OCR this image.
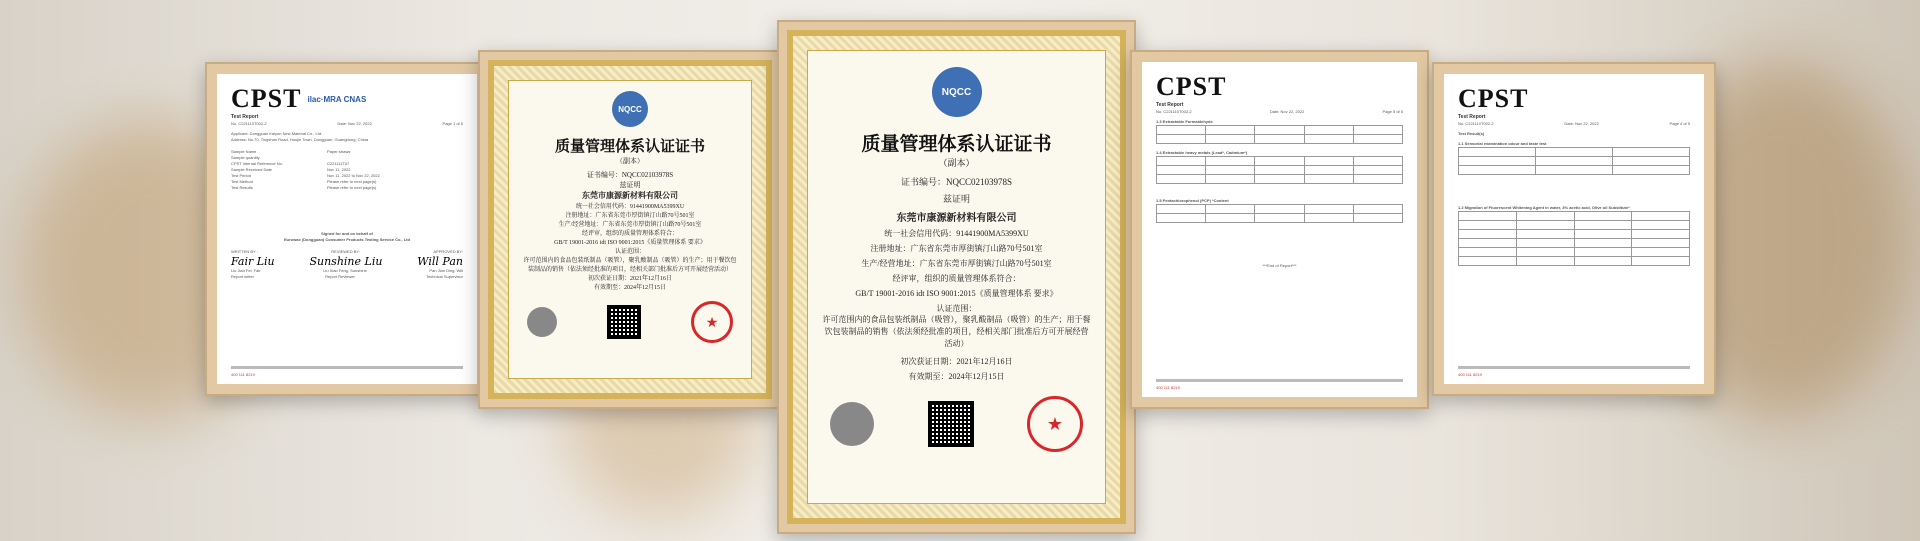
CPST ilac·MRA CNAS
Test Report
No. C221110T002-2	Date: Nov 22, 2022	Page 1 of 5
Applicant: Dongguan Kaiyun New Material Co., Ltd.
Address: No.70, Tingshan Road, Houjie Town, Dongguan, Guangdong, China
Sample Name	Paper straws
Sample quantity
CPST Internal Reference No.	C221111T07
Sample Received Date	Nov 11, 2022
Test Period	Nov 11, 2022 to Nov 22, 2022
Test Method	Please refer to next page(s)
Test Results	Please refer to next page(s)
Signed for and on behalf of
Eurowax (Dongguan) Consumer Products Testing Service Co., Ltd
WRITTEN BY :	REVIEWED BY:	APPROVED BY:
Fair Liu	Sunshine Liu	Will Pan
Liu Jian Fei, Fair	Liu Xiao Feng, Sunshine	Pan Jian Ding, Will
Report writer	Report Reviewer	Technical Supervisor
400 111 8219
NQCC
质量管理体系认证证书
（副本）
证书编号：NQCC02103978S
兹证明
东莞市康源新材料有限公司
统一社会信用代码：91441900MA5399XU
注册地址：广东省东莞市厚街镇汀山路70号501室
生产/经营地址：广东省东莞市厚街镇汀山路70号501室
经评审，组织的质量管理体系符合：
GB/T 19001-2016 idt ISO 9001:2015《质量管理体系 要求》
认证范围：
许可范围内的食品包装纸制品（吸管），聚乳酸制品（吸管）的生产；用于餐饮包装制品的销售（依法须经批准的项目，经相关部门批准后方可开展经营活动）
初次获证日期：2021年12月16日
有效期至：2024年12月15日
★
NQCC
质量管理体系认证证书
（副本）
证书编号：NQCC02103978S
兹证明
东莞市康源新材料有限公司
统一社会信用代码：91441900MA5399XU
注册地址：广东省东莞市厚街镇汀山路70号501室
生产/经营地址：广东省东莞市厚街镇汀山路70号501室
经评审，组织的质量管理体系符合：
GB/T 19001-2016 idt ISO 9001:2015《质量管理体系 要求》
认证范围：
许可范围内的食品包装纸制品（吸管），聚乳酸制品（吸管）的生产；用于餐饮包装制品的销售（依法须经批准的项目，经相关部门批准后方可开展经营活动）
初次获证日期：2021年12月16日
有效期至：2024年12月15日
★
CPST
Test Report
No. C221110T002-2	Date: Nov 22, 2022	Page 5 of 5
1.3 Extractable Formaldehyde

1.4 Extractable heavy metals (Lead*, Cadmium*)

1.5 Pentachlorophenol (PCP) *Content

***End of Report***
400 111 8219
CPST
Test Report
No. C221110T002-2	Date: Nov 22, 2022	Page 4 of 5
Test Result(s)
1.1 Sensorial examination odour and taste test

1.2 Migration of Fluorescent Whitening Agent in water, 3% acetic acid, Olive oil Substitute*

400 111 8219
